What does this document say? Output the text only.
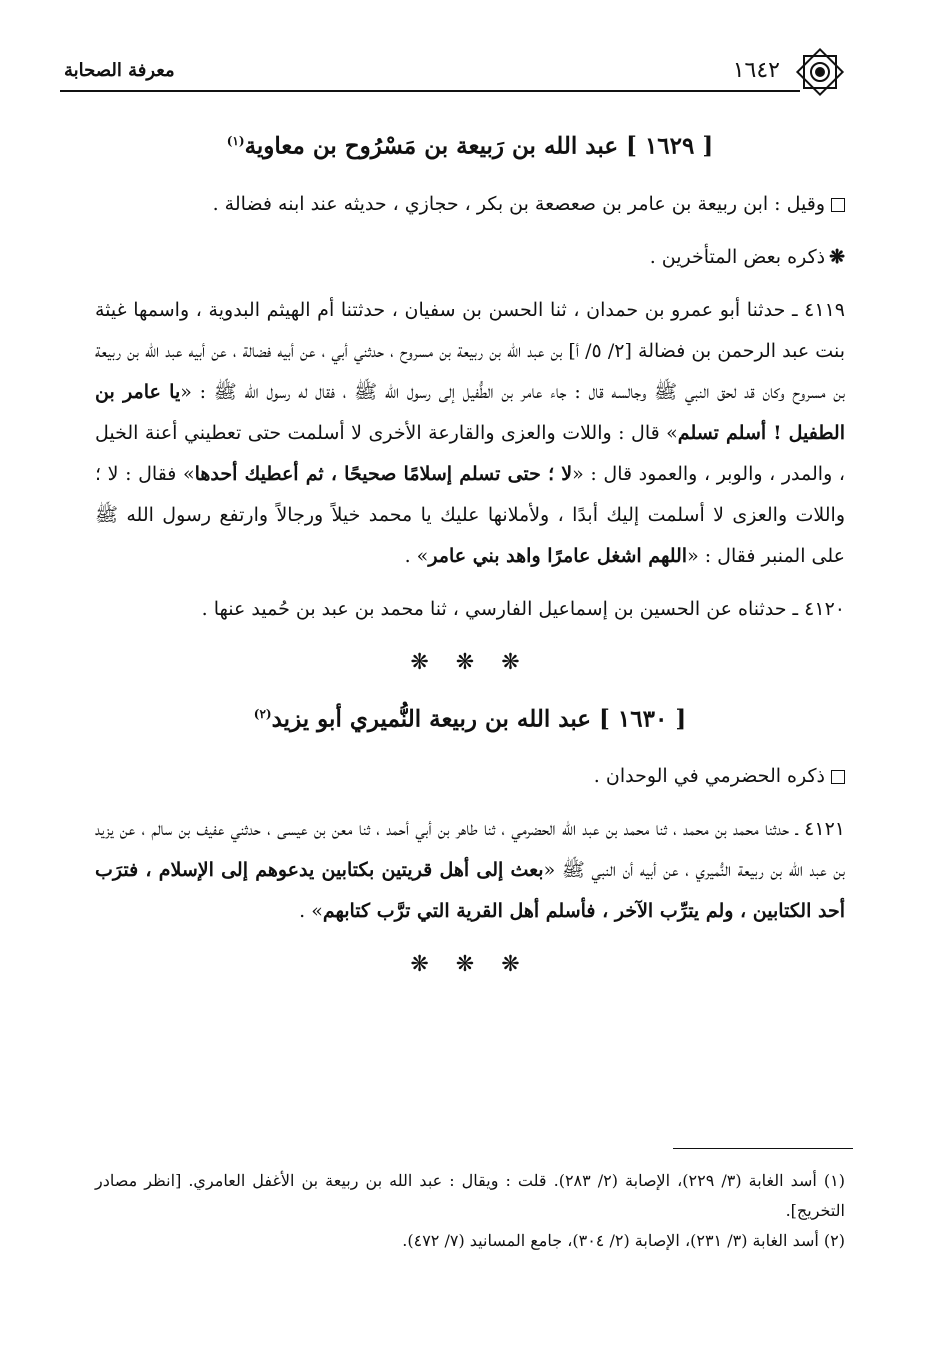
معرفة الصحابة	١٦٤٢
[ ١٦٢٩ ] عبد الله بن رَبيعة بن مَسْرُوح بن معاوية$^{(١)}$

وقيل : ابن ربيعة بن عامر بن صعصعة بن بكر ، حجازي ، حديثه عند ابنه فضالة .

❋ذكره بعض المتأخرين .

٤١١٩ ـ حدثنا أبو عمرو بن حمدان ، ثنا الحسن بن سفيان ، حدثتنا أم الهيثم البدوية ، واسمها غيثة بنت عبد الرحمن بن فضالة [٢/ ٥/ أ] بن عبد الله بن ربيعة بن مسروح ، حدثني أبي ، عن أبيه فضالة ، عن أبيه عبد الله بن ربيعة بن مسروح وكان قد لحق النبي ﷺ وجالسه قال : جاء عامر بن الطُّفيل إلى رسول الله ﷺ ، فقال له رسول الله ﷺ : «يا عامر بن الطفيل ! أسلم تسلم» قال : واللات والعزى والقارعة الأخرى لا أسلمت حتى تعطيني أعنة الخيل ، والمدر ، والوبر ، والعمود قال : «لا ؛ حتى تسلم إسلامًا صحيحًا ، ثم أعطيك أحدها» فقال : لا ؛ واللات والعزى لا أسلمت إليك أبدًا ، ولأملانها عليك يا محمد خيلاً ورجالاً وارتفع رسول الله ﷺ على المنبر فقال : «اللهم اشغل عامرًا واهد بني عامر» .

٤١٢٠ ـ حدثناه عن الحسين بن إسماعيل الفارسي ، ثنا محمد بن عبد بن حُميد عنها .

❋ ❋ ❋
[ ١٦٣٠ ] عبد الله بن ربيعة النُّميري أبو يزيد$^{(٢)}$

ذكره الحضرمي في الوحدان .

٤١٢١ ـ حدثنا محمد بن محمد ، ثنا محمد بن عبد الله الحضرمي ، ثنا طاهر بن أبي أحمد ، ثنا معن بن عيسى ، حدثني عفيف بن سالم ، عن يزيد بن عبد الله بن ربيعة النُّميري ، عن أبيه أن النبي ﷺ «بعث إلى أهل قريتين بكتابين يدعوهم إلى الإسلام ، فترَب أحد الكتابين ، ولم يترِّب الآخر ، فأسلم أهل القرية التي ترَّب كتابهم» .

❋ ❋ ❋
(١) أسد الغابة (٣/ ٢٢٩)، الإصابة (٢/ ٢٨٣). قلت : ويقال : عبد الله بن ربيعة بن الأغفل العامري. [انظر مصادر التخريج].
(٢) أسد الغابة (٣/ ٢٣١)، الإصابة (٢/ ٣٠٤)، جامع المسانيد (٧/ ٤٧٢).
